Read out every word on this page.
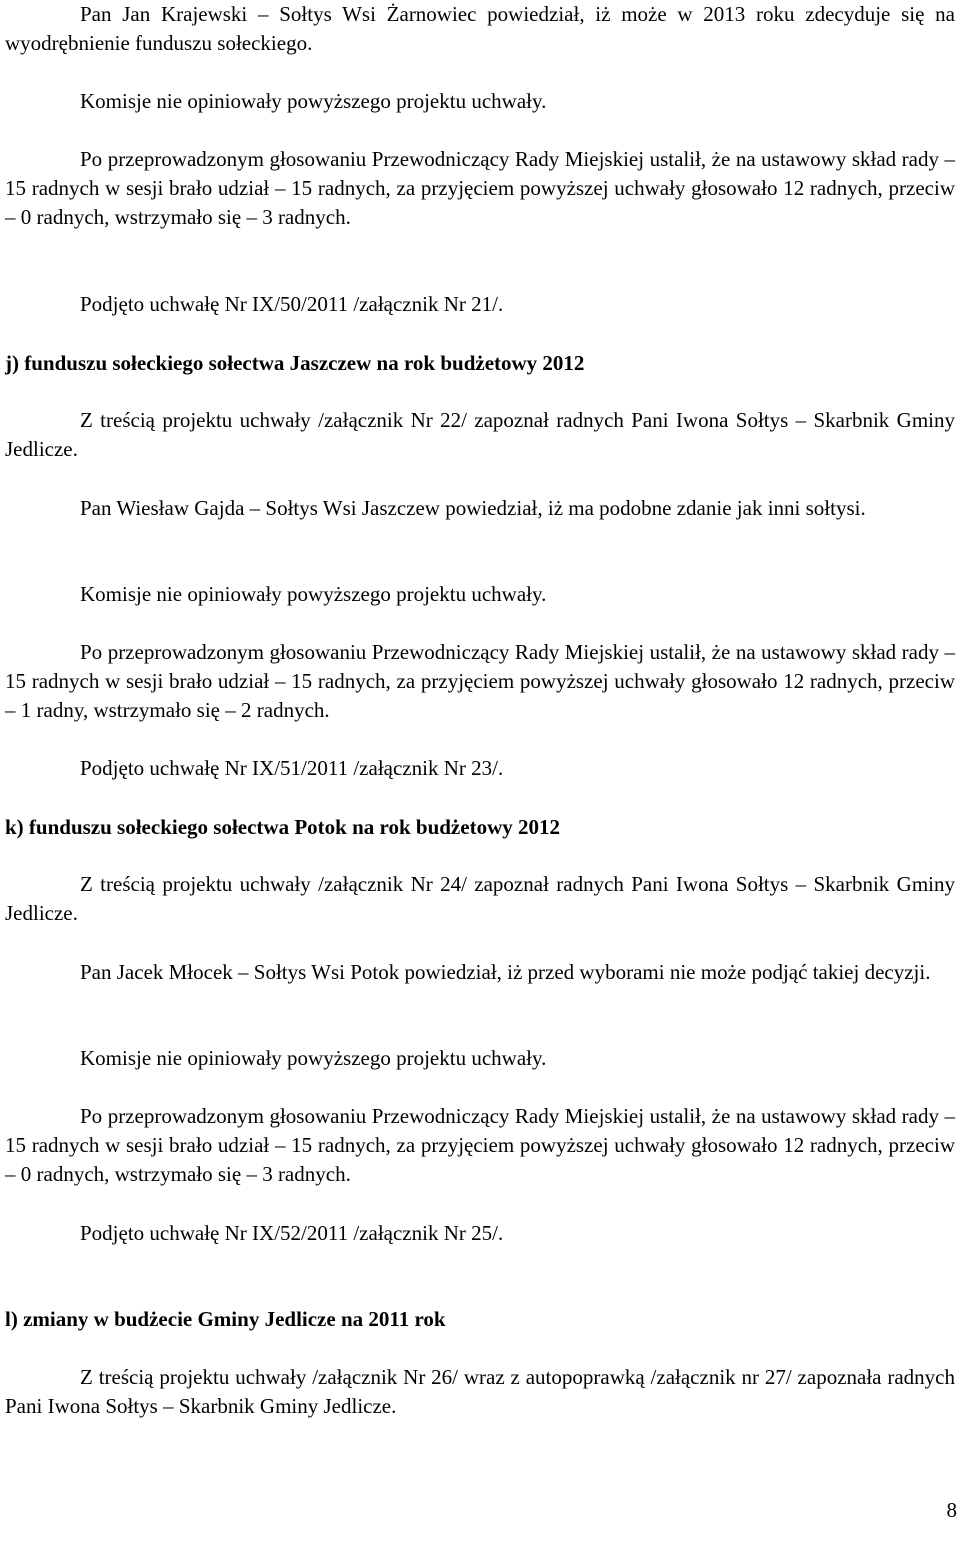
Pan Jan Krajewski – Sołtys Wsi Żarnowiec powiedział, iż może w 2013 roku zdecyduje się na wyodrębnienie funduszu sołeckiego.

Komisje nie opiniowały powyższego projektu uchwały.

Po przeprowadzonym głosowaniu Przewodniczący Rady Miejskiej ustalił, że na ustawowy skład rady – 15 radnych w sesji brało udział – 15 radnych, za przyjęciem powyższej uchwały głosowało 12 radnych, przeciw – 0 radnych, wstrzymało się – 3 radnych.

Podjęto uchwałę Nr IX/50/2011 /załącznik Nr 21/.

j) funduszu sołeckiego sołectwa Jaszczew na rok budżetowy 2012

Z treścią projektu uchwały /załącznik Nr 22/ zapoznał radnych Pani Iwona Sołtys – Skarbnik Gminy Jedlicze.

Pan Wiesław Gajda – Sołtys Wsi Jaszczew powiedział, iż ma podobne zdanie jak inni sołtysi.

Komisje nie opiniowały powyższego projektu uchwały.

Po przeprowadzonym głosowaniu Przewodniczący Rady Miejskiej ustalił, że na ustawowy skład rady – 15 radnych w sesji brało udział – 15 radnych, za przyjęciem powyższej uchwały głosowało 12 radnych, przeciw – 1 radny, wstrzymało się – 2 radnych.

Podjęto uchwałę Nr IX/51/2011 /załącznik Nr 23/.

k) funduszu sołeckiego sołectwa Potok na rok budżetowy 2012

Z treścią projektu uchwały /załącznik Nr 24/ zapoznał radnych Pani Iwona Sołtys – Skarbnik Gminy Jedlicze.

Pan Jacek Młocek – Sołtys Wsi Potok powiedział, iż przed wyborami nie może podjąć takiej decyzji.

Komisje nie opiniowały powyższego projektu uchwały.

Po przeprowadzonym głosowaniu Przewodniczący Rady Miejskiej ustalił, że na ustawowy skład rady – 15 radnych w sesji brało udział – 15 radnych, za przyjęciem powyższej uchwały głosowało 12 radnych, przeciw – 0 radnych, wstrzymało się – 3 radnych.

Podjęto uchwałę Nr IX/52/2011 /załącznik Nr 25/.

l) zmiany w budżecie Gminy Jedlicze na 2011 rok

Z treścią projektu uchwały /załącznik Nr 26/ wraz z autopoprawką /załącznik nr 27/ zapoznała radnych Pani Iwona Sołtys – Skarbnik Gminy Jedlicze.

8
